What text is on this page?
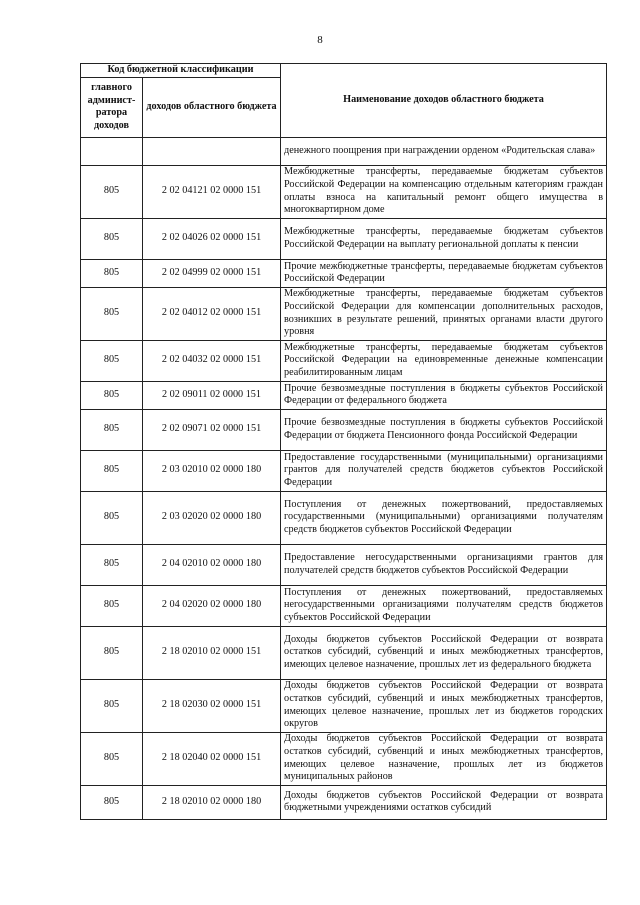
8
Код бюджетной классификации		Наименование доходов областного бюджета
главного админист-ратора доходов	доходов областного бюджета	
		денежного поощрения при награждении орденом «Родительская слава»
805	2 02 04121 02 0000 151	Межбюджетные трансферты, передаваемые бюджетам субъектов Российской Федерации на компенсацию отдельным категориям граждан оплаты взноса на капитальный ремонт общего имущества в многоквартирном доме
805	2 02 04026 02 0000 151	Межбюджетные трансферты, передаваемые бюджетам субъектов Российской Федерации на выплату региональной доплаты к пенсии
805	2 02 04999 02 0000 151	Прочие межбюджетные трансферты, передаваемые бюджетам субъектов Российской Федерации
805	2 02 04012 02 0000 151	Межбюджетные трансферты, передаваемые бюджетам субъектов Российской Федерации для компенсации дополнительных расходов, возникших в результате решений, принятых органами власти другого уровня
805	2 02 04032 02 0000 151	Межбюджетные трансферты, передаваемые бюджетам субъектов Российской Федерации на единовременные денежные компенсации реабилитированным лицам
805	2 02 09011 02 0000 151	Прочие безвозмездные поступления в бюджеты субъектов Российской Федерации от федерального бюджета
805	2 02 09071 02 0000 151	Прочие безвозмездные поступления в бюджеты субъектов Российской Федерации от бюджета Пенсионного фонда Российской Федерации
805	2 03 02010 02 0000 180	Предоставление государственными (муниципальными) организациями грантов для получателей средств бюджетов субъектов Российской Федерации
805	2 03 02020 02 0000 180	Поступления от денежных пожертвований, предоставляемых государственными (муниципальными) организациями получателям средств бюджетов субъектов Российской Федерации
805	2 04 02010 02 0000 180	Предоставление негосударственными организациями грантов для получателей средств бюджетов субъектов Российской Федерации
805	2 04 02020 02 0000 180	Поступления от денежных пожертвований, предоставляемых негосударственными организациями получателям средств бюджетов субъектов Российской Федерации
805	2 18 02010 02 0000 151	Доходы бюджетов субъектов Российской Федерации от возврата остатков субсидий, субвенций и иных межбюджетных трансфертов, имеющих целевое назначение, прошлых лет из федерального бюджета
805	2 18 02030 02 0000 151	Доходы бюджетов субъектов Российской Федерации от возврата остатков субсидий, субвенций и иных межбюджетных трансфертов, имеющих целевое назначение, прошлых лет из бюджетов городских округов
805	2 18 02040 02 0000 151	Доходы бюджетов субъектов Российской Федерации от возврата остатков субсидий, субвенций и иных межбюджетных трансфертов, имеющих целевое назначение, прошлых лет из бюджетов муниципальных районов
805	2 18 02010 02 0000 180	Доходы бюджетов субъектов Российской Федерации от возврата бюджетными учреждениями остатков субсидий
